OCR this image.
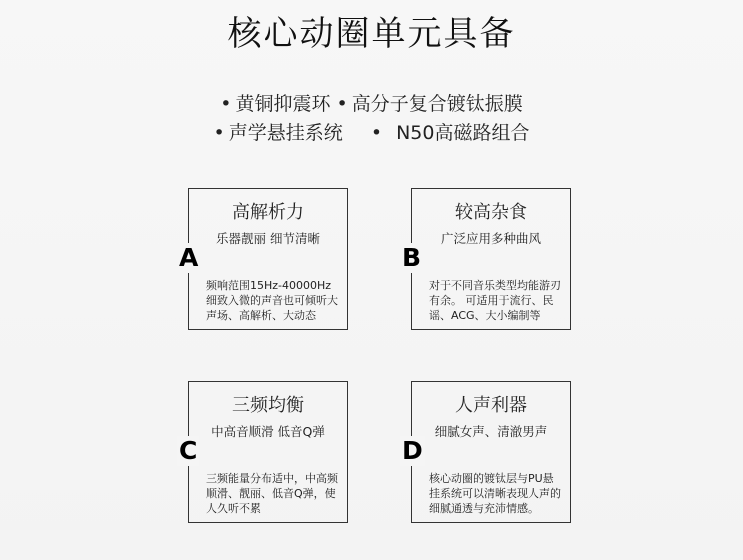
核心动圈单元具备
• 黄铜抑震环 • 高分子复合镀钛振膜
• 声学悬挂系统 • N50高磁路组合
A
高解析力
乐器靓丽 细节清晰
频响范围15Hz-40000Hz细致入微的声音也可倾听大声场、高解析、大动态
B
较高杂食
广泛应用多种曲风
对于不同音乐类型均能游刃有余。 可适用于流行、民谣、ACG、大小编制等
C
三频均衡
中高音顺滑 低音Q弹
三频能量分布适中，中高频顺滑、靓丽、低音Q弹，使人久听不累
D
人声利器
细腻女声、清澈男声
核心动圈的镀钛层与PU悬挂系统可以清晰表现人声的细腻通透与充沛情感。
